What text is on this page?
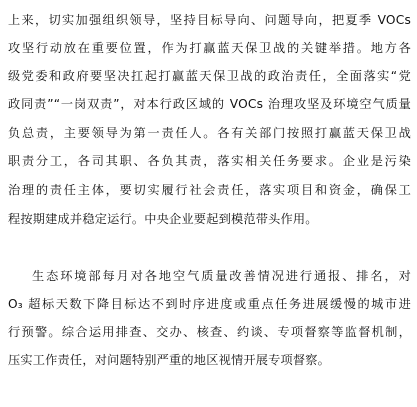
上来，切实加强组织领导，坚持目标导向、问题导向，把夏季 VOCs
攻坚行动放在重要位置，作为打赢蓝天保卫战的关键举措。地方各
级党委和政府要坚决扛起打赢蓝天保卫战的政治责任，全面落实“党
政同责”“一岗双责”，对本行政区域的 VOCs 治理攻坚及环境空气质量
负总责，主要领导为第一责任人。各有关部门按照打赢蓝天保卫战
职责分工，各司其职、各负其责，落实相关任务要求。企业是污染
治理的责任主体，要切实履行社会责任，落实项目和资金，确保工
程按期建成并稳定运行。中央企业要起到模范带头作用。
生态环境部每月对各地空气质量改善情况进行通报、排名，对
O₃ 超标天数下降目标达不到时序进度或重点任务进展缓慢的城市进
行预警。综合运用排查、交办、核查、约谈、专项督察等监督机制，
压实工作责任，对问题特别严重的地区视情开展专项督察。
